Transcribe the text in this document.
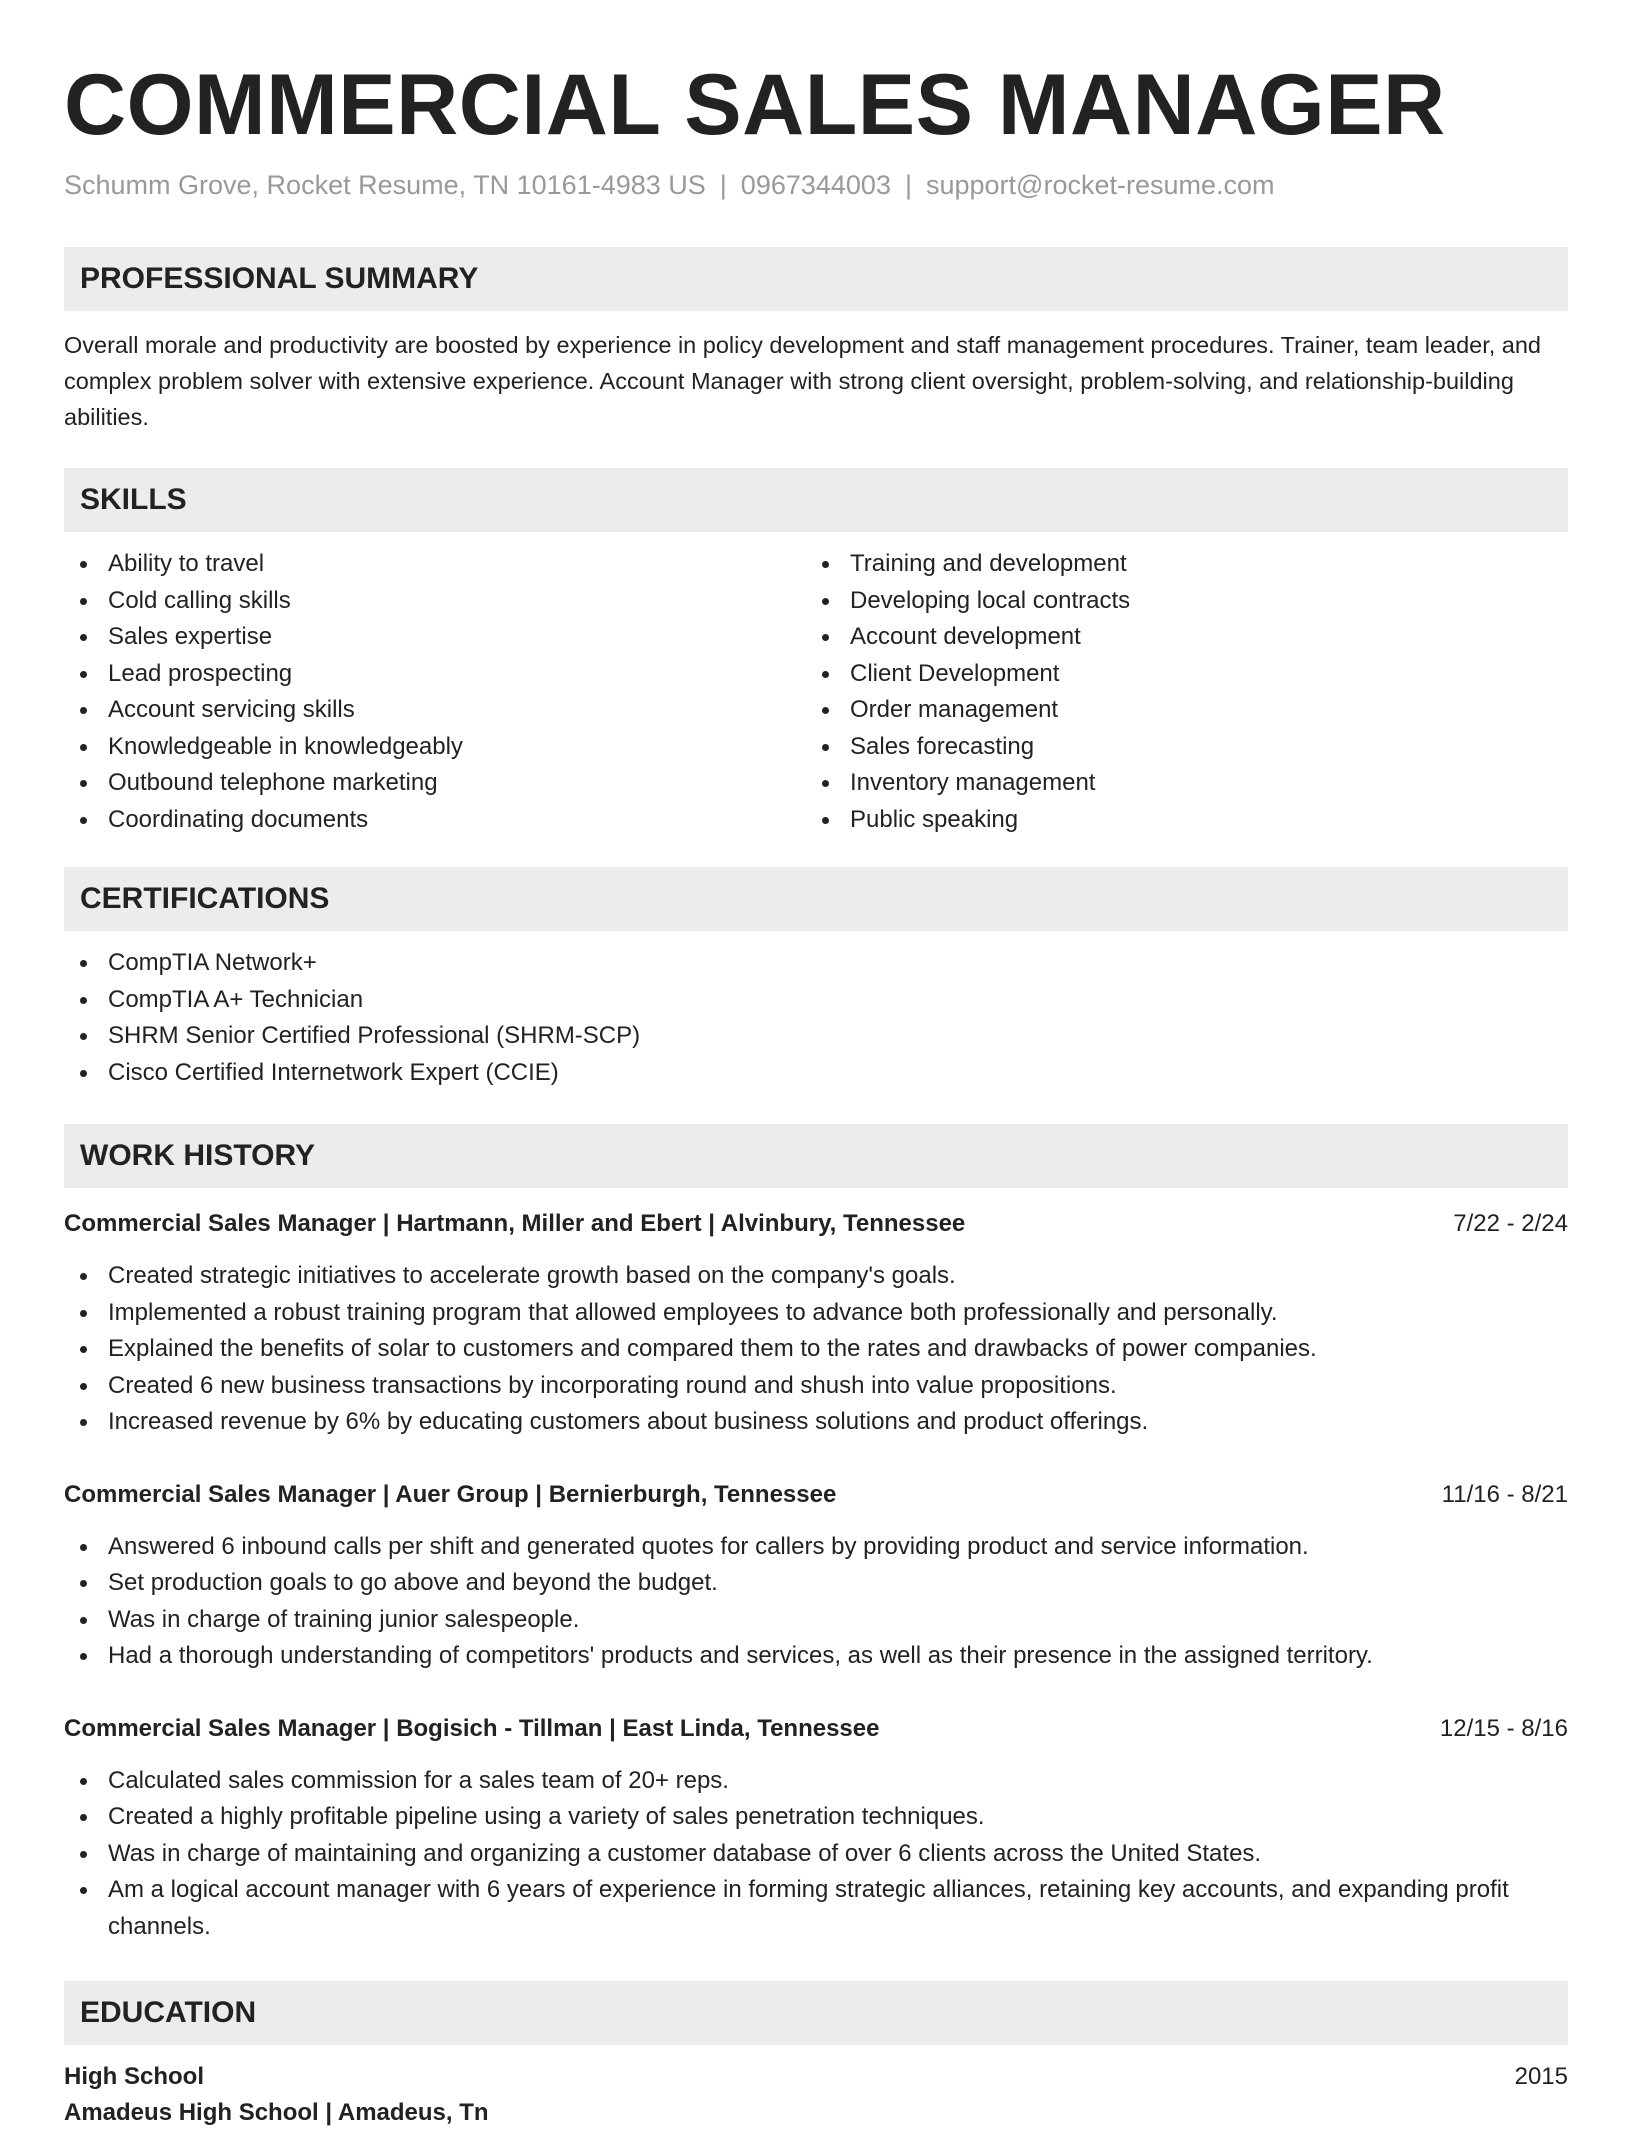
COMMERCIAL SALES MANAGER
Schumm Grove, Rocket Resume, TN 10161-4983 US | 0967344003 | support@rocket-resume.com
PROFESSIONAL SUMMARY

Overall morale and productivity are boosted by experience in policy development and staff management procedures. Trainer, team leader, and complex problem solver with extensive experience. Account Manager with strong client oversight, problem-solving, and relationship-building abilities.

SKILLS
Ability to travel
Cold calling skills
Sales expertise
Lead prospecting
Account servicing skills
Knowledgeable in knowledgeably
Outbound telephone marketing
Coordinating documents
Training and development
Developing local contracts
Account development
Client Development
Order management
Sales forecasting
Inventory management
Public speaking
CERTIFICATIONS
CompTIA Network+
CompTIA A+ Technician
SHRM Senior Certified Professional (SHRM-SCP)
Cisco Certified Internetwork Expert (CCIE)
WORK HISTORY
Commercial Sales Manager | Hartmann, Miller and Ebert | Alvinbury, Tennessee	7/22 - 2/24
Created strategic initiatives to accelerate growth based on the company's goals.
Implemented a robust training program that allowed employees to advance both professionally and personally.
Explained the benefits of solar to customers and compared them to the rates and drawbacks of power companies.
Created 6 new business transactions by incorporating round and shush into value propositions.
Increased revenue by 6% by educating customers about business solutions and product offerings.
Commercial Sales Manager | Auer Group | Bernierburgh, Tennessee	11/16 - 8/21
Answered 6 inbound calls per shift and generated quotes for callers by providing product and service information.
Set production goals to go above and beyond the budget.
Was in charge of training junior salespeople.
Had a thorough understanding of competitors' products and services, as well as their presence in the assigned territory.
Commercial Sales Manager | Bogisich - Tillman | East Linda, Tennessee	12/15 - 8/16
Calculated sales commission for a sales team of 20+ reps.
Created a highly profitable pipeline using a variety of sales penetration techniques.
Was in charge of maintaining and organizing a customer database of over 6 clients across the United States.
Am a logical account manager with 6 years of experience in forming strategic alliances, retaining key accounts, and expanding profit channels.
EDUCATION
High School	2015
Amadeus High School | Amadeus, Tn
